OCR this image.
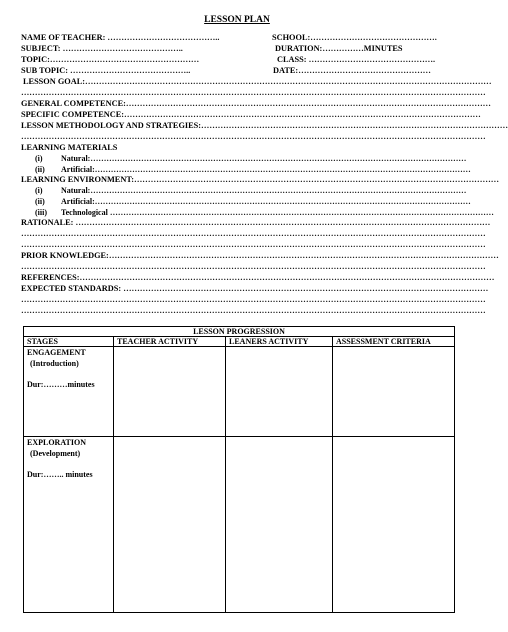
LESSON PLAN
NAME OF TEACHER: …………………………………..	SCHOOL:……………………………………….
SUBJECT: ……………………………………..	DURATION:……………MINUTES
TOPIC:………………………………………………	CLASS: ……………………………………….
SUB TOPIC: ……………………………………..	DATE:…………………………………………
LESSON GOAL:…………………………………………………………………………………………………………………………………
……………………………………………………………………………………………………………………………………………………
GENERAL COMPETENCE:……………………………………………………………………………………………………………………
SPECIFIC COMPETENCE:…………………………………………………………………………………………………………………
LESSON METHODOLOGY AND STRATEGIES:…………………………………………………………………………………………………
……………………………………………………………………………………………………………………………………………………
LEARNING MATERIALS
(i) Natural:……………………………………………………………………………………………………………………………
(ii) Artificial:……………………………………………………………………………………………………………………………
LEARNING ENVIRONMENT:……………………………………………………………………………………………………………………
(i) Natural:……………………………………………………………………………………………………………………………
(ii) Artificial:……………………………………………………………………………………………………………………………
(iii) Technological ………………………………………………………………………………………………………………………………
RATIONALE: ……………………………………………………………………………………………………………………………………
……………………………………………………………………………………………………………………………………………………
……………………………………………………………………………………………………………………………………………………
PRIOR KNOWLEDGE:……………………………………………………………………………………………………………………………
……………………………………………………………………………………………………………………………………………………
REFERENCES:……………………………………………………………………………………………………………………………………
EXPECTED STANDARDS: ……………………………………………………………………………………………………………………
……………………………………………………………………………………………………………………………………………………
……………………………………………………………………………………………………………………………………………………
LESSON PROGRESSION			
STAGES	TEACHER ACTIVITY	LEANERS ACTIVITY	ASSESSMENT CRITERIA

ENGAGEMENT
(Introduction)
Dur:………minutes			

EXPLORATION
(Development)
Dur:…….. minutes			
